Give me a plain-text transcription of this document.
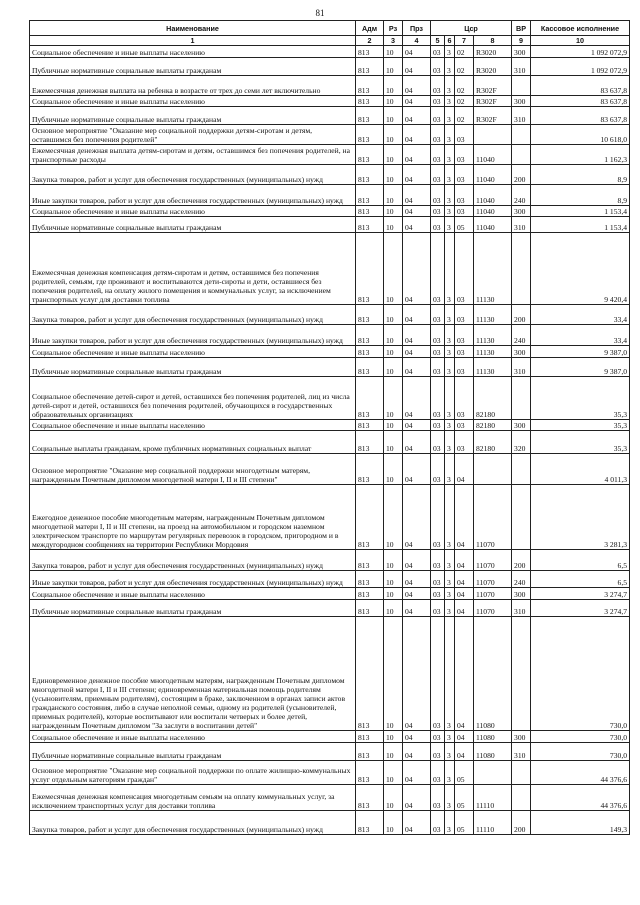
81
Наименование	Адм	Рз	Прз	Цср				ВР	Кассовое исполнение
1	2	3	4	5	6	7	8	9	10
Социальное обеспечение и иные выплаты населению	813	10	04	03	3	02	R3020	300	1 092 072,9
Публичные нормативные социальные выплаты гражданам	813	10	04	03	3	02	R3020	310	1 092 072,9
Ежемесячная денежная выплата на ребенка в возрасте от трех до семи лет включительно	813	10	04	03	3	02	R302F		83 637,8
Социальное обеспечение и иные выплаты населению	813	10	04	03	3	02	R302F	300	83 637,8
Публичные нормативные социальные выплаты гражданам	813	10	04	03	3	02	R302F	310	83 637,8
Основное мероприятие "Оказание мер социальной поддержки детям-сиротам и детям, оставшимся без попечения родителей"	813	10	04	03	3	03			10 618,0
Ежемесячная денежная выплата детям-сиротам и детям, оставшимся без попечения родителей, на транспортные расходы	813	10	04	03	3	03	11040		1 162,3
Закупка товаров, работ и услуг для обеспечения государственных (муниципальных) нужд	813	10	04	03	3	03	11040	200	8,9
Иные закупки товаров, работ и услуг для обеспечения государственных (муниципальных) нужд	813	10	04	03	3	03	11040	240	8,9
Социальное обеспечение и иные выплаты населению	813	10	04	03	3	03	11040	300	1 153,4
Публичные нормативные социальные выплаты гражданам	813	10	04	03	3	05	11040	310	1 153,4
Ежемесячная денежная компенсация детям-сиротам и детям, оставшимся без попечения родителей, семьям, где проживают и воспитываются дети-сироты и дети, оставшиеся без попечения родителей, на оплату жилого помещения и коммунальных услуг, за исключением транспортных услуг для доставки топлива	813	10	04	03	3	03	11130		9 420,4
Закупка товаров, работ и услуг для обеспечения государственных (муниципальных) нужд	813	10	04	03	3	03	11130	200	33,4
Иные закупки товаров, работ и услуг для обеспечения государственных (муниципальных) нужд	813	10	04	03	3	03	11130	240	33,4
Социальное обеспечение и иные выплаты населению	813	10	04	03	3	03	11130	300	9 387,0
Публичные нормативные социальные выплаты гражданам	813	10	04	03	3	03	11130	310	9 387,0
Социальное обеспечение детей-сирот и детей, оставшихся без попечения родителей, лиц из числа детей-сирот и детей, оставшихся без попечения родителей, обучающихся в государственных образовательных организациях	813	10	04	03	3	03	82180		35,3
Социальное обеспечение и иные выплаты населению	813	10	04	03	3	03	82180	300	35,3
Социальные выплаты гражданам, кроме публичных нормативных социальных выплат	813	10	04	03	3	03	82180	320	35,3
Основное мероприятие "Оказание мер социальной поддержки многодетным матерям, награжденным Почетным дипломом многодетной матери I, II и III степени"	813	10	04	03	3	04			4 011,3
Ежегодное денежное пособие многодетным матерям, награжденным Почетным дипломом многодетной матери I, II и III степени, на проезд на автомобильном и городском наземном электрическом транспорте по маршрутам регулярных перевозок в городском, пригородном и в междугородном сообщениях на территории Республики Мордовия	813	10	04	03	3	04	11070		3 281,3
Закупка товаров, работ и услуг для обеспечения государственных (муниципальных) нужд	813	10	04	03	3	04	11070	200	6,5
Иные закупки товаров, работ и услуг для обеспечения государственных (муниципальных) нужд	813	10	04	03	3	04	11070	240	6,5
Социальное обеспечение и иные выплаты населению	813	10	04	03	3	04	11070	300	3 274,7
Публичные нормативные социальные выплаты гражданам	813	10	04	03	3	04	11070	310	3 274,7
Единовременное денежное пособие многодетным матерям, награжденным Почетным дипломом многодетной матери I, II и III степени; единовременная материальная помощь родителям (усыновителям, приемным родителям), состоящим в браке, заключенном в органах записи актов гражданского состояния, либо в случае неполной семьи, одному из родителей (усыновителей, приемных родителей), которые воспитывают или воспитали четверых и более детей, награжденным Почетным дипломом "За заслуги в воспитании детей"	813	10	04	03	3	04	11080		730,0
Социальное обеспечение и иные выплаты населению	813	10	04	03	3	04	11080	300	730,0
Публичные нормативные социальные выплаты гражданам	813	10	04	03	3	04	11080	310	730,0
Основное мероприятие "Оказание мер социальной поддержки по оплате жилищно-коммунальных услуг отдельным категориям граждан"	813	10	04	03	3	05			44 376,6
Ежемесячная денежная компенсация многодетным семьям на оплату коммунальных услуг, за исключением транспортных услуг для доставки топлива	813	10	04	03	3	05	11110		44 376,6
Закупка товаров, работ и услуг для обеспечения государственных (муниципальных) нужд	813	10	04	03	3	05	11110	200	149,3
